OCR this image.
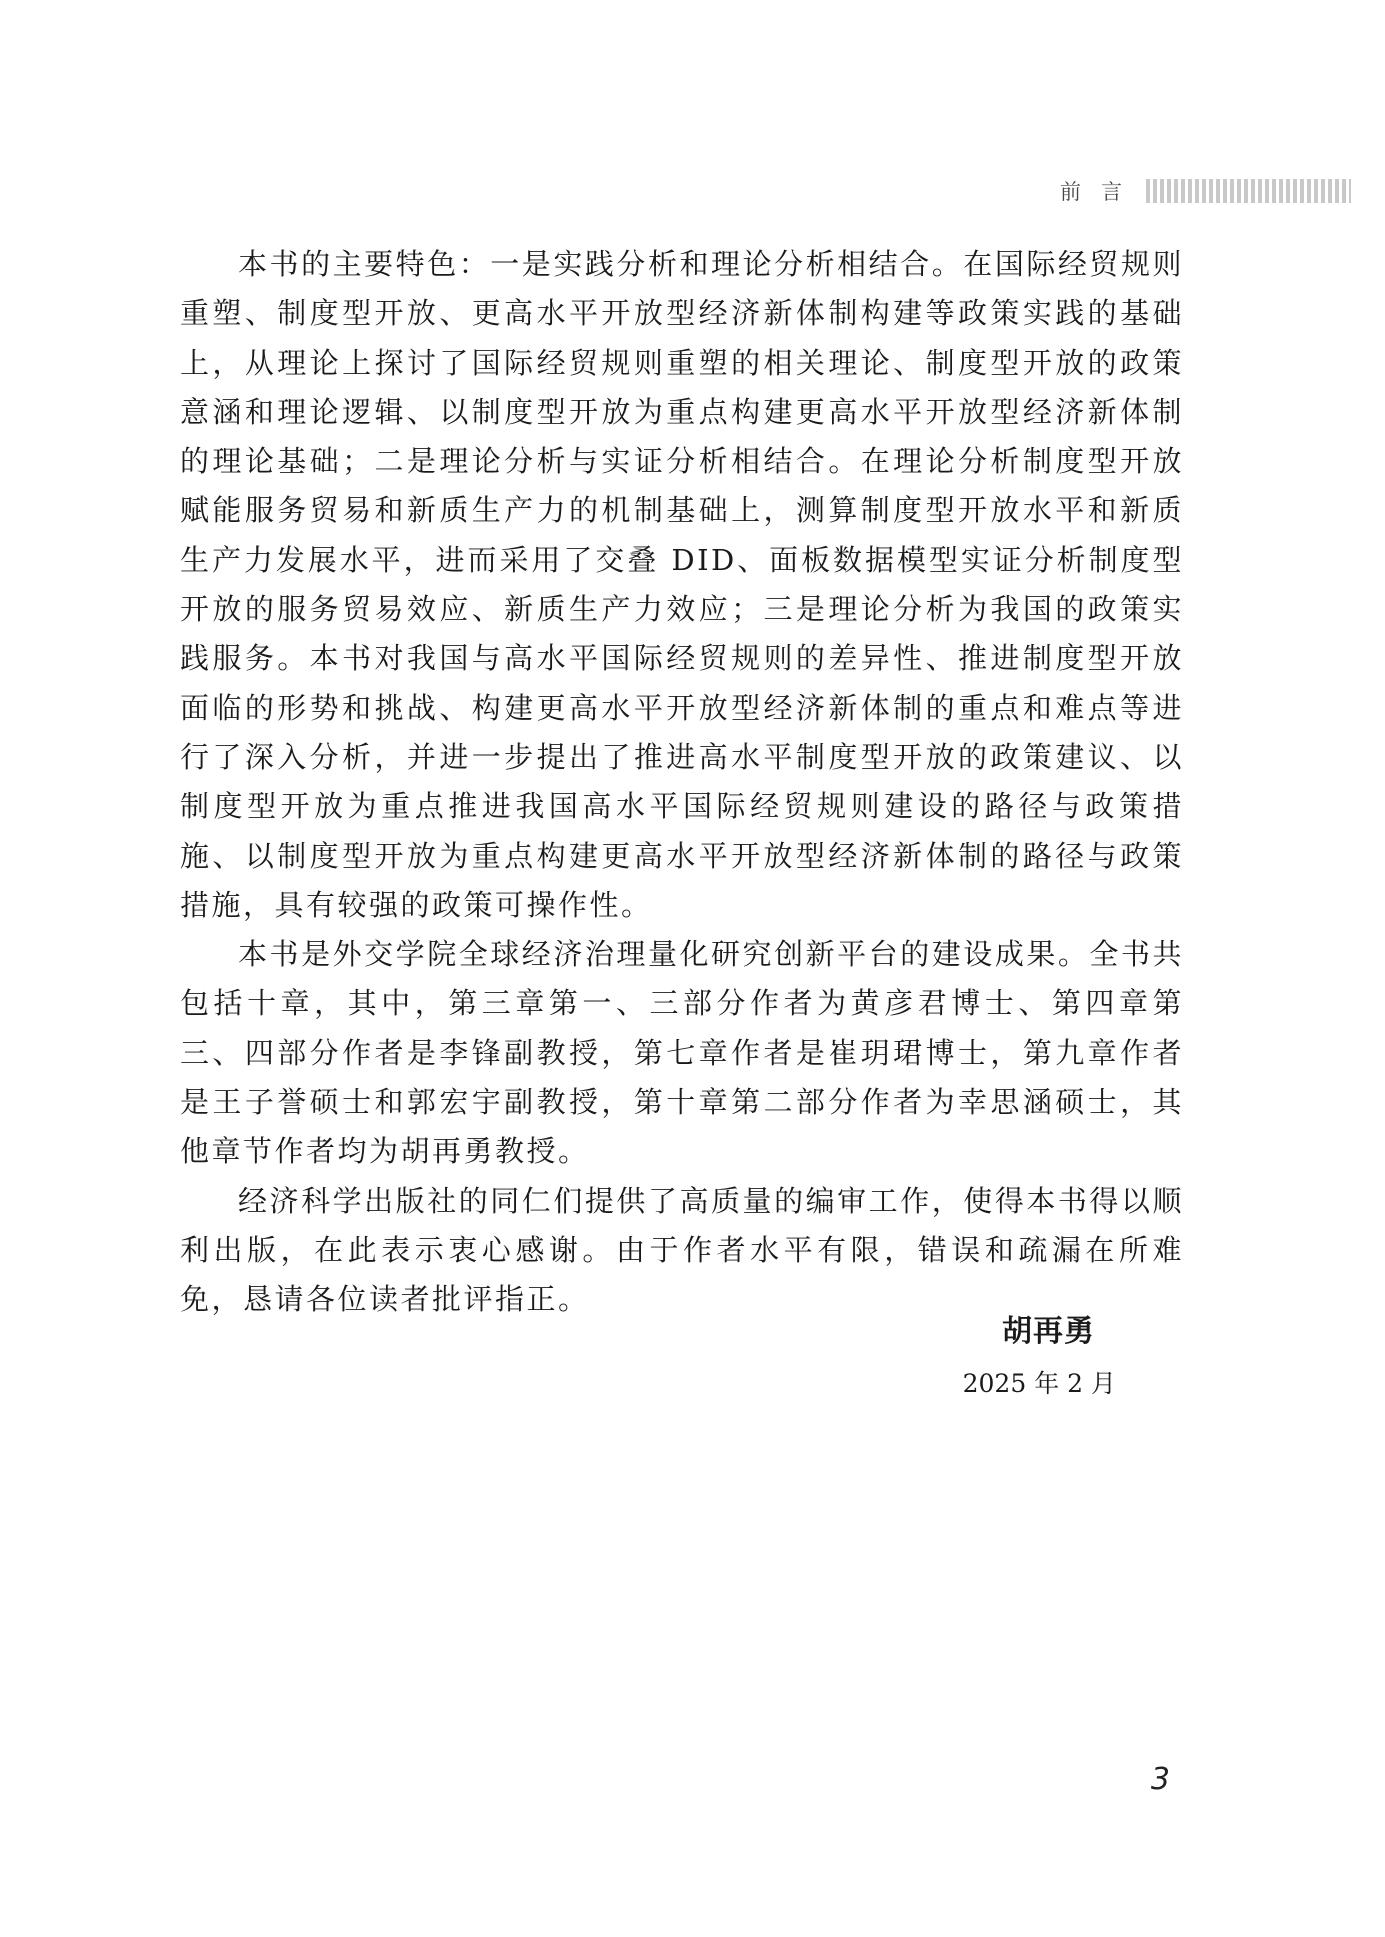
前言

本书的主要特色：一是实践分析和理论分析相结合。在国际经贸规则重塑、制度型开放、更高水平开放型经济新体制构建等政策实践的基础上，从理论上探讨了国际经贸规则重塑的相关理论、制度型开放的政策意涵和理论逻辑、以制度型开放为重点构建更高水平开放型经济新体制的理论基础；二是理论分析与实证分析相结合。在理论分析制度型开放赋能服务贸易和新质生产力的机制基础上，测算制度型开放水平和新质生产力发展水平，进而采用了交叠 DID、面板数据模型实证分析制度型开放的服务贸易效应、新质生产力效应；三是理论分析为我国的政策实践服务。本书对我国与高水平国际经贸规则的差异性、推进制度型开放面临的形势和挑战、构建更高水平开放型经济新体制的重点和难点等进行了深入分析，并进一步提出了推进高水平制度型开放的政策建议、以制度型开放为重点推进我国高水平国际经贸规则建设的路径与政策措施、以制度型开放为重点构建更高水平开放型经济新体制的路径与政策措施，具有较强的政策可操作性。

本书是外交学院全球经济治理量化研究创新平台的建设成果。全书共包括十章，其中，第三章第一、三部分作者为黄彦君博士、第四章第三、四部分作者是李锋副教授，第七章作者是崔玥珺博士，第九章作者是王子誉硕士和郭宏宇副教授，第十章第二部分作者为幸思涵硕士，其他章节作者均为胡再勇教授。

经济科学出版社的同仁们提供了高质量的编审工作，使得本书得以顺利出版，在此表示衷心感谢。由于作者水平有限，错误和疏漏在所难免，恳请各位读者批评指正。

胡再勇
2025 年 2 月
3
